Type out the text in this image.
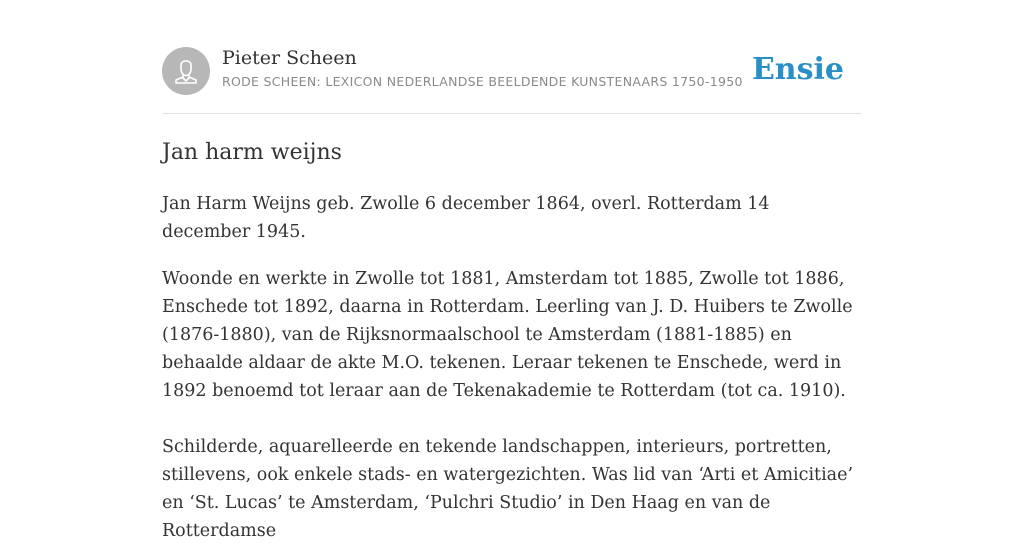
Pieter Scheen
RODE SCHEEN: LEXICON NEDERLANDSE BEELDENDE KUNSTENAARS 1750-1950 Ensie
Jan harm weijns

Jan Harm Weijns geb. Zwolle 6 december 1864, overl. Rotterdam 14 december 1945.

Woonde en werkte in Zwolle tot 1881, Amsterdam tot 1885, Zwolle tot 1886, Enschede tot 1892, daarna in Rotterdam. Leerling van J. D. Huibers te Zwolle (1876-1880), van de Rijksnormaalschool te Amsterdam (1881-1885) en behaalde aldaar de akte M.O. tekenen. Leraar tekenen te Enschede, werd in 1892 benoemd tot leraar aan de Tekenakademie te Rotterdam (tot ca. 1910).

Schilderde, aquarelleerde en tekende landschappen, interieurs, portretten, stillevens, ook enkele stads- en watergezichten. Was lid van ‘Arti et Amicitiae’ en ‘St. Lucas’ te Amsterdam, ‘Pulchri Studio’ in Den Haag en van de Rotterdamse
